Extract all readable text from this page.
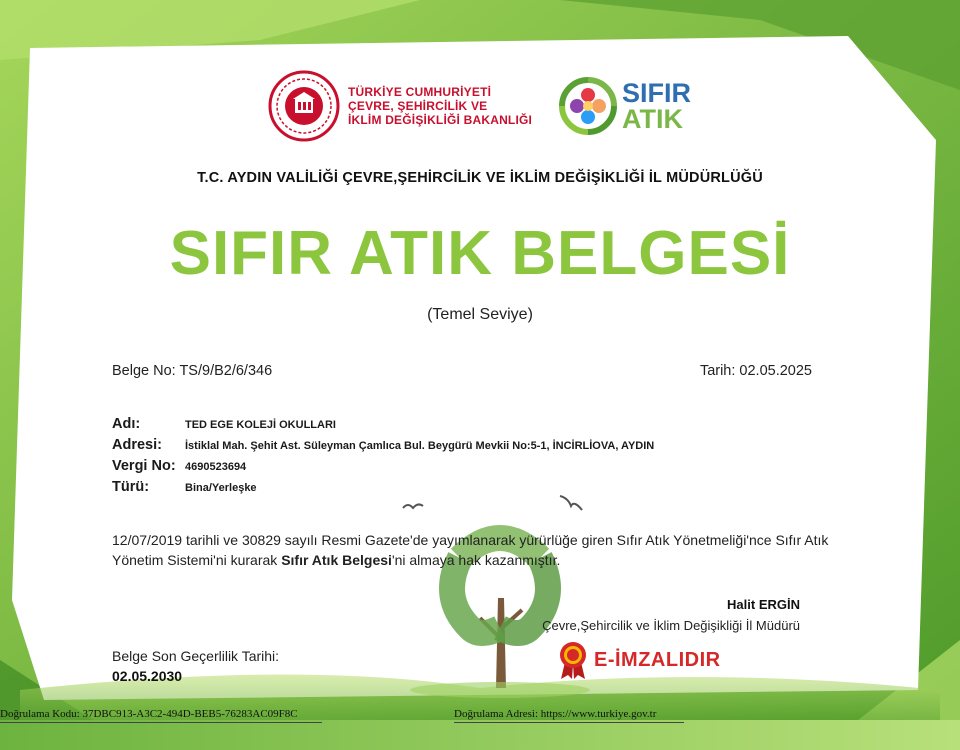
TÜRKİYE CUMHURİYETİ
ÇEVRE, ŞEHİRCİLİK VE
İKLİM DEĞİŞİKLİĞİ BAKANLIĞI
SIFIR
ATIK
T.C. AYDIN VALİLİĞİ ÇEVRE,ŞEHİRCİLİK VE İKLİM DEĞİŞİKLİĞİ İL MÜDÜRLÜĞÜ
SIFIR ATIK BELGESİ
(Temel Seviye)
Belge No: TS/9/B2/6/346	Tarih: 02.05.2025
Adı:	TED EGE KOLEJİ OKULLARI
Adresi:	İstiklal Mah. Şehit Ast. Süleyman Çamlıca Bul. Beygürü Mevkii No:5-1, İNCİRLİOVA, AYDIN
Vergi No: 4690523694
Türü:	Bina/Yerleşke
12/07/2019 tarihli ve 30829 sayılı Resmi Gazete'de yayımlanarak yürürlüğe giren Sıfır Atık Yönetmeliği'nce Sıfır Atık Yönetim Sistemi'ni kurarak Sıfır Atık Belgesi'ni almaya hak kazanmıştır.
Halit ERGİN
Çevre,Şehircilik ve İklim Değişikliği İl Müdürü
E-İMZALIDIR
Belge Son Geçerlilik Tarihi:
02.05.2030
Doğrulama Kodu: 37DBC913-A3C2-494D-BEB5-76283AC09F8C	Doğrulama Adresi: https://www.turkiye.gov.tr
